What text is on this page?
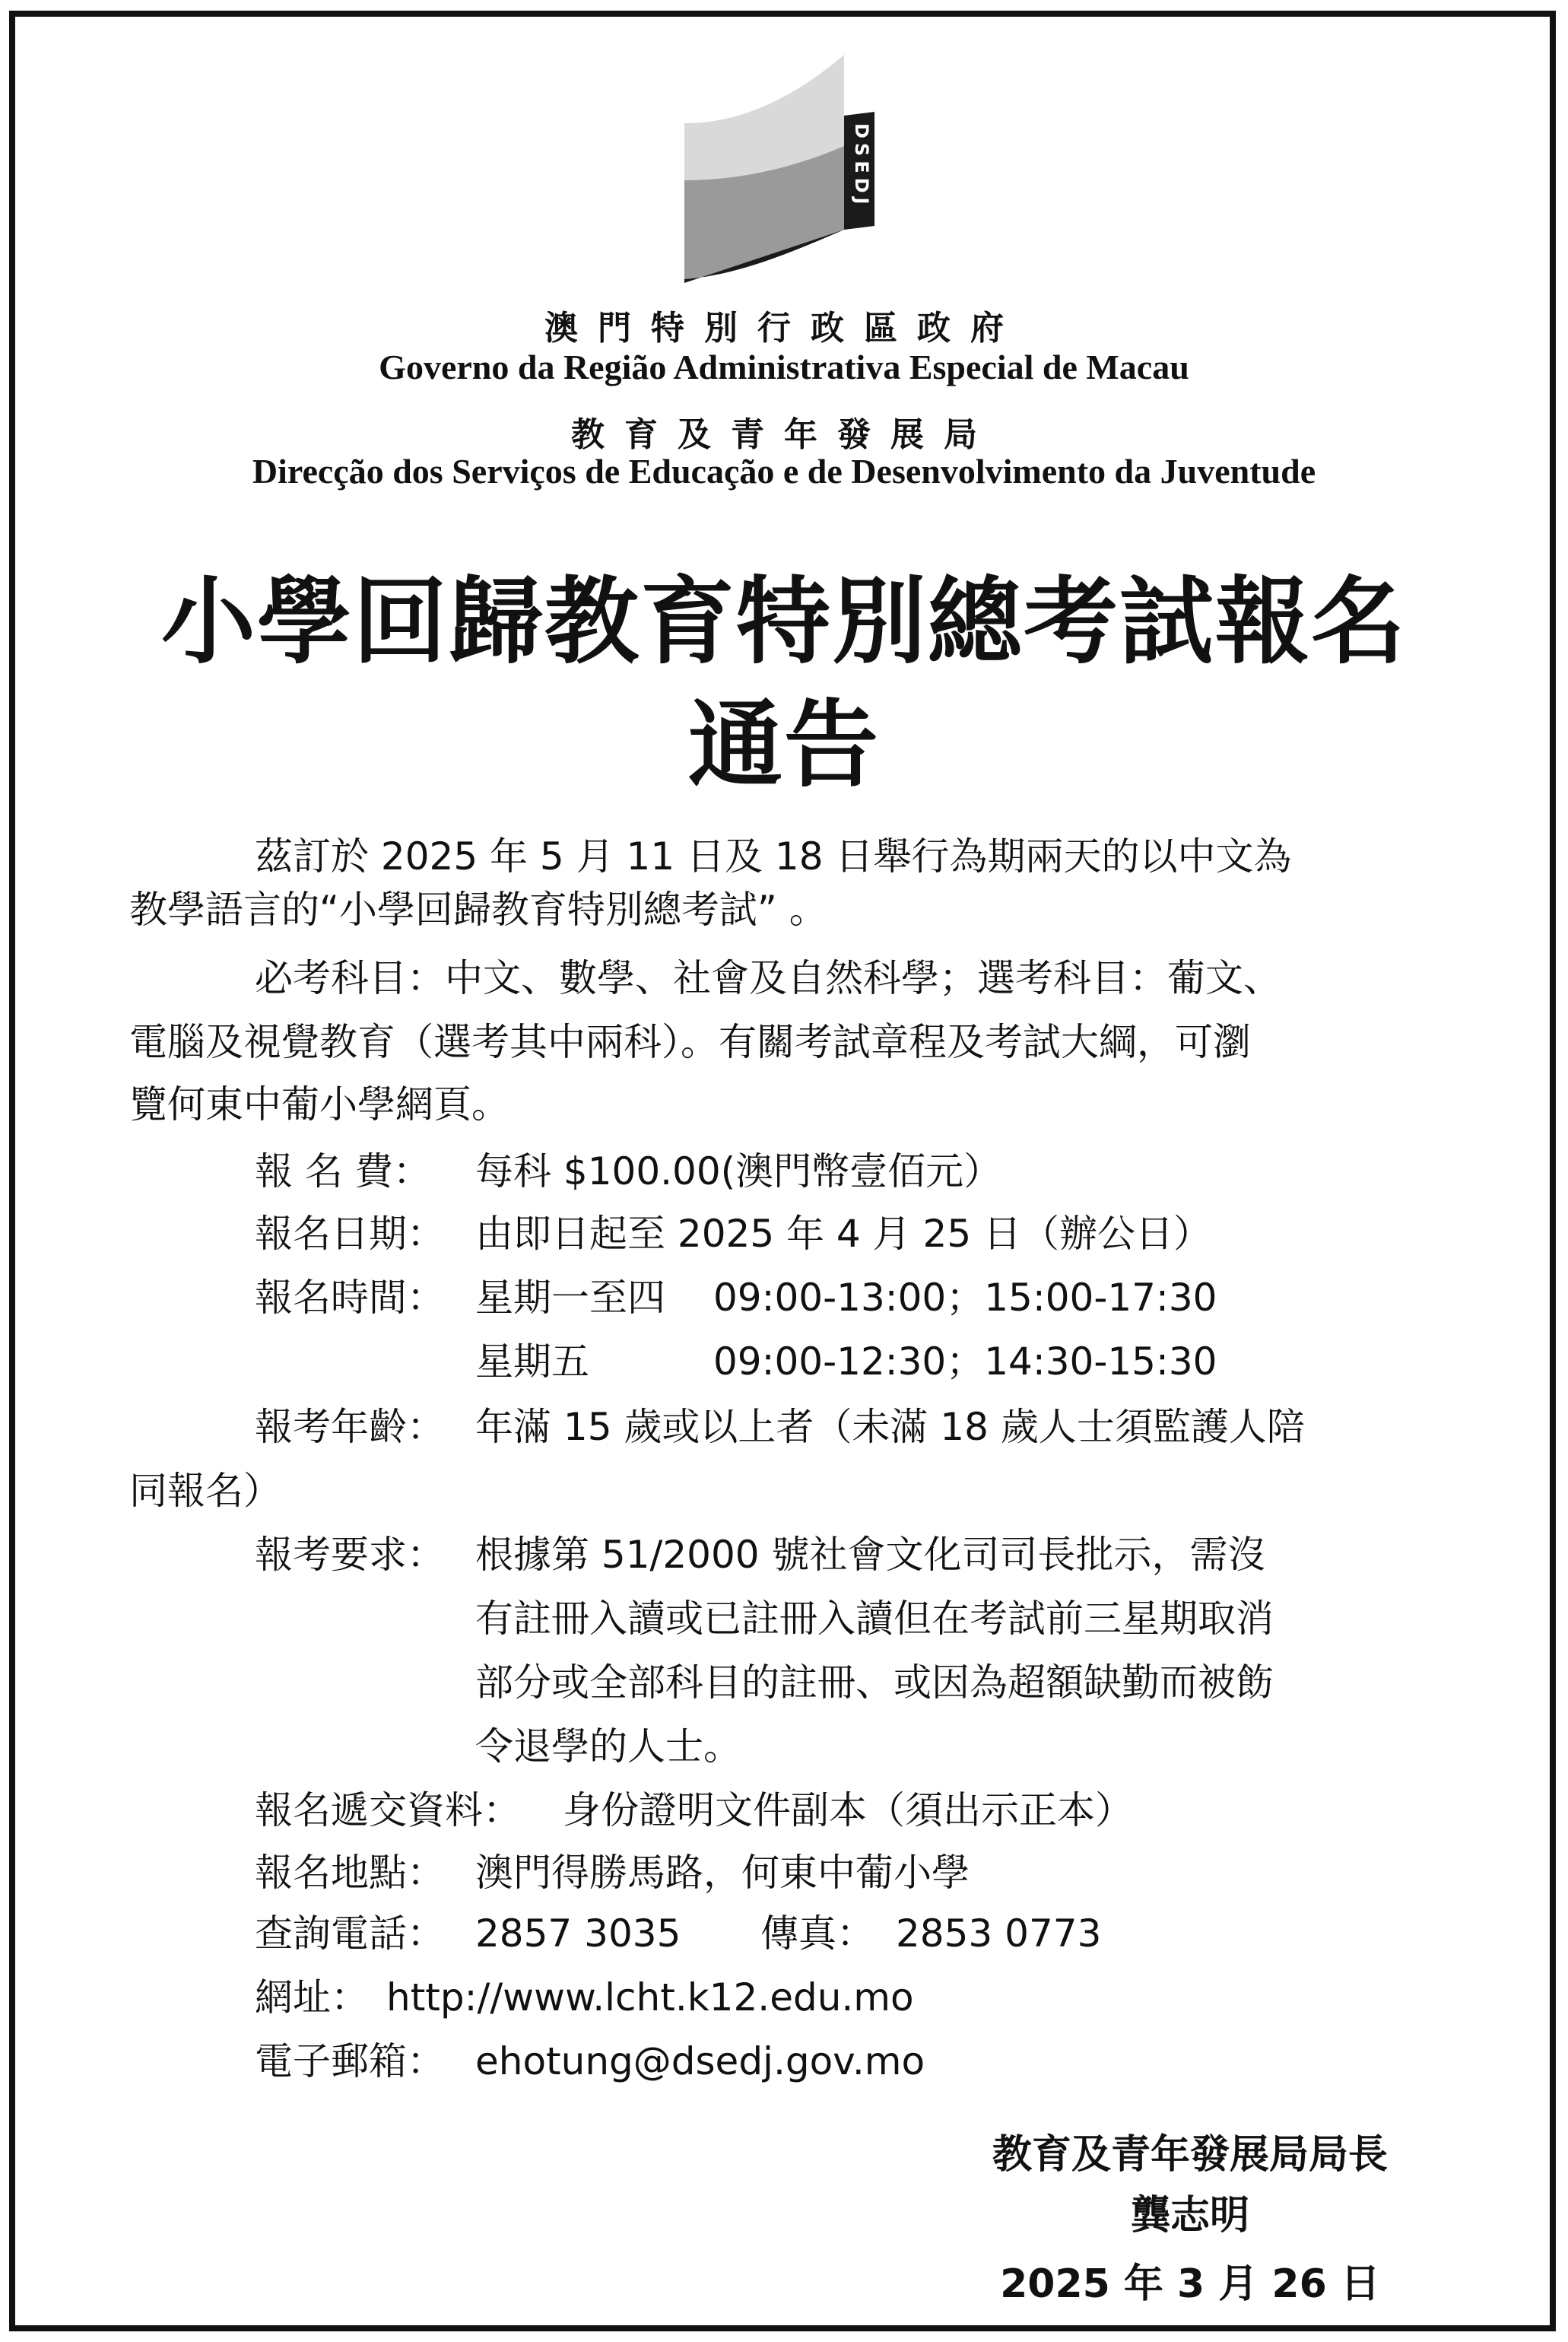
DSEDJ
澳門特別行政區政府
Governo da Região Administrativa Especial de Macau
教育及青年發展局
Direcção dos Serviços de Educação e de Desenvolvimento da Juventude
小學回歸教育特別總考試報名
通告
茲訂於 2025 年 5 月 11 日及 18 日舉行為期兩天的以中文為
教學語言的“小學回歸教育特別總考試” 。
必考科目：中文、數學、社會及自然科學；選考科目：葡文、
電腦及視覺教育（選考其中兩科）。有關考試章程及考試大綱，可瀏
覽何東中葡小學網頁。
報 名 費： 每科 $100.00(澳門幣壹佰元）
報名日期： 由即日起至 2025 年 4 月 25 日（辦公日）
報名時間： 星期一至四 09:00-13:00；15:00-17:30
星期五	09:00-12:30；14:30-15:30
報考年齡： 年滿 15 歲或以上者（未滿 18 歲人士須監護人陪
同報名）
報考要求： 根據第 51/2000 號社會文化司司長批示，需沒
有註冊入讀或已註冊入讀但在考試前三星期取消
部分或全部科目的註冊、或因為超額缺勤而被飭
令退學的人士。
報名遞交資料： 身份證明文件副本（須出示正本）
報名地點： 澳門得勝馬路，何東中葡小學
查詢電話： 2857 3035 傳真： 2853 0773
網址： http://www.lcht.k12.edu.mo
電子郵箱： ehotung@dsedj.gov.mo
教育及青年發展局局長
龔志明
2025 年 3 月 26 日
